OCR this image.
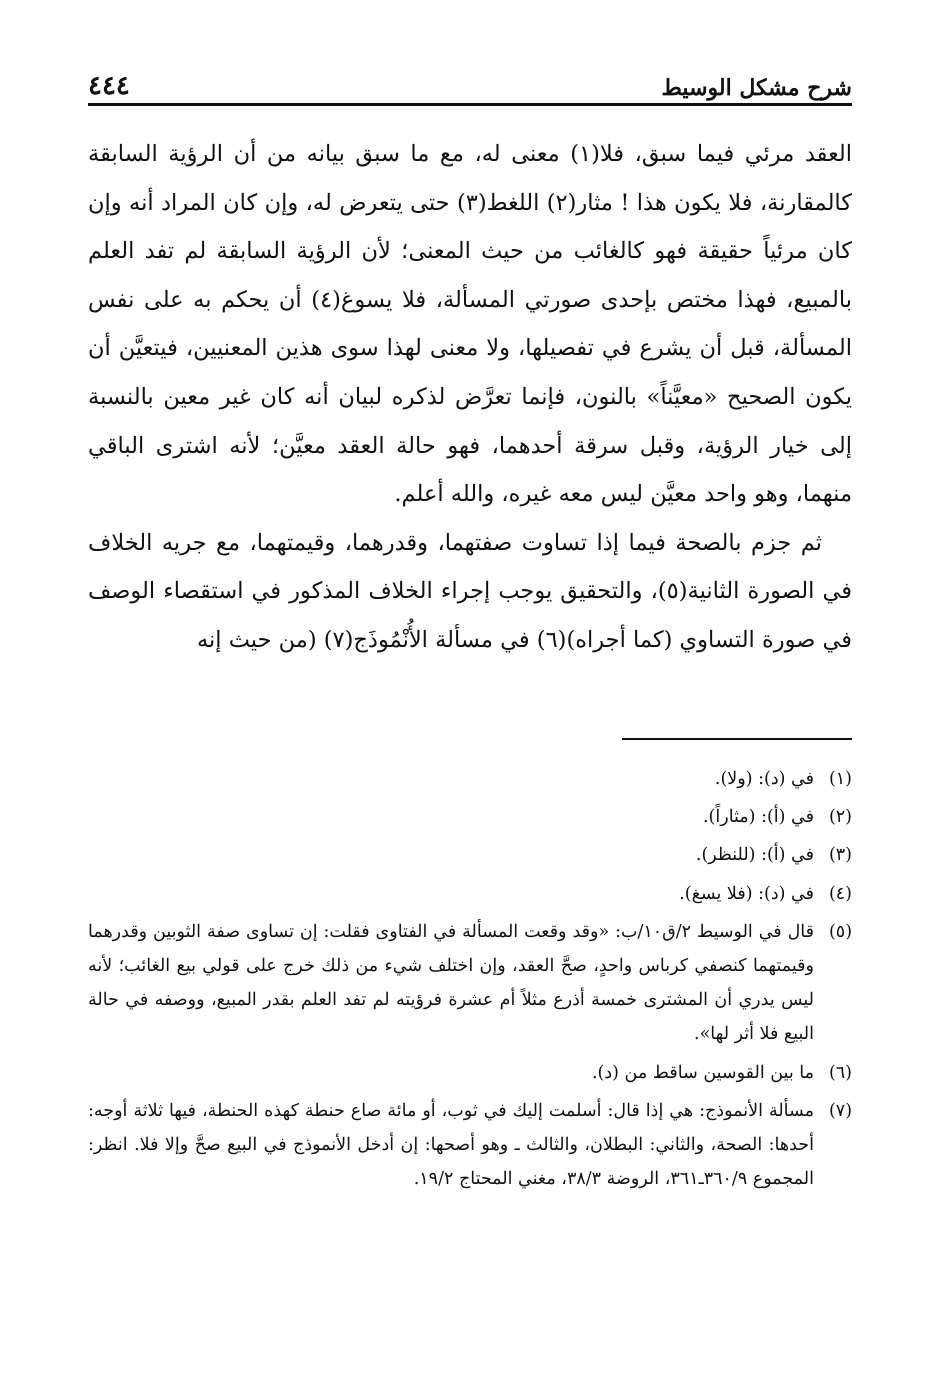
شرح مشكل الوسيط
٤٤٤

العقد مرئي فيما سبق، فلا(١) معنى له، مع ما سبق بيانه من أن الرؤية السابقة كالمقارنة، فلا يكون هذا ! مثار(٢) اللغط(٣) حتى يتعرض له، وإن كان المراد أنه وإن كان مرئياً حقيقة فهو كالغائب من حيث المعنى؛ لأن الرؤية السابقة لم تفد العلم بالمبيع، فهذا مختص بإحدى صورتي المسألة، فلا يسوغ(٤) أن يحكم به على نفس المسألة، قبل أن يشرع في تفصيلها، ولا معنى لهذا سوى هذين المعنيين، فيتعيَّن أن يكون الصحيح «معيَّناً» بالنون، فإنما تعرَّض لذكره لبيان أنه كان غير معين بالنسبة إلى خيار الرؤية، وقبل سرقة أحدهما، فهو حالة العقد معيَّن؛ لأنه اشترى الباقي منهما، وهو واحد معيَّن ليس معه غيره، والله أعلم.

ثم جزم بالصحة فيما إذا تساوت صفتهما، وقدرهما، وقيمتهما، مع جريه الخلاف في الصورة الثانية(٥)، والتحقيق يوجب إجراء الخلاف المذكور في استقصاء الوصف في صورة التساوي (كما أجراه)(٦) في مسألة الأُنْمُوذَج(٧) (من حيث إنه

(١)في (د): (ولا).

(٢)في (أ): (مثاراً).

(٣)في (أ): (للنظر).

(٤)في (د): (فلا يسغ).

(٥)قال في الوسيط ٢/ق١٠/ب: «وقد وقعت المسألة في الفتاوى فقلت: إن تساوى صفة الثوبين وقدرهما وقيمتهما كنصفي كرباس واحدٍ، صحَّ العقد، وإن اختلف شيء من ذلك خرج على قولي بيع الغائب؛ لأنه ليس يدري أن المشترى خمسة أذرع مثلاً أم عشرة فرؤيته لم تفد العلم بقدر المبيع، ووصفه في حالة البيع فلا أثر لها».

(٦)ما بين القوسين ساقط من (د).

(٧)مسألة الأنموذج: هي إذا قال: أسلمت إليك في ثوب، أو مائة صاع حنطة كهذه الحنطة، فيها ثلاثة أوجه: أحدها: الصحة، والثاني: البطلان، والثالث ـ وهو أصحها: إن أدخل الأنموذج في البيع صحَّ وإلا فلا. انظر: المجموع ٣٦٠/٩ـ٣٦١، الروضة ٣٨/٣، مغني المحتاج ١٩/٢.
